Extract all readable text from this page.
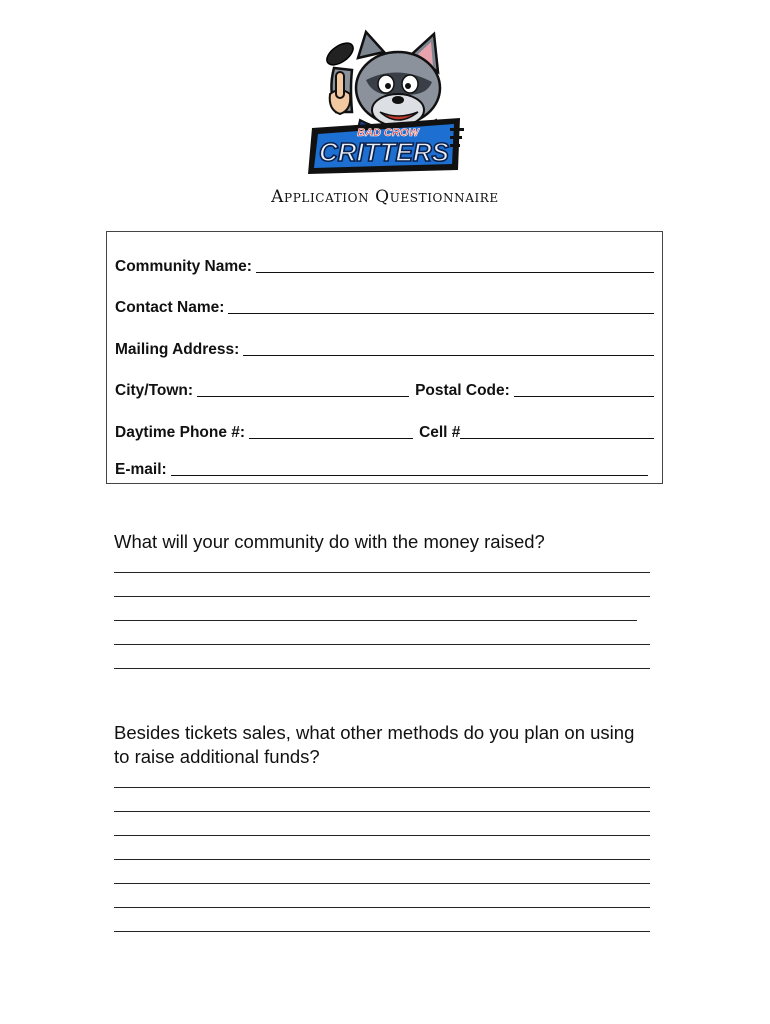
BAD CROW
CRITTERS
Application Questionnaire
Community Name:
Contact Name:
Mailing Address:
City/Town:	Postal Code:
Daytime Phone #:	Cell #
E-mail:
What will your community do with the money raised?
Besides tickets sales, what other methods do you plan on using to raise additional funds?
